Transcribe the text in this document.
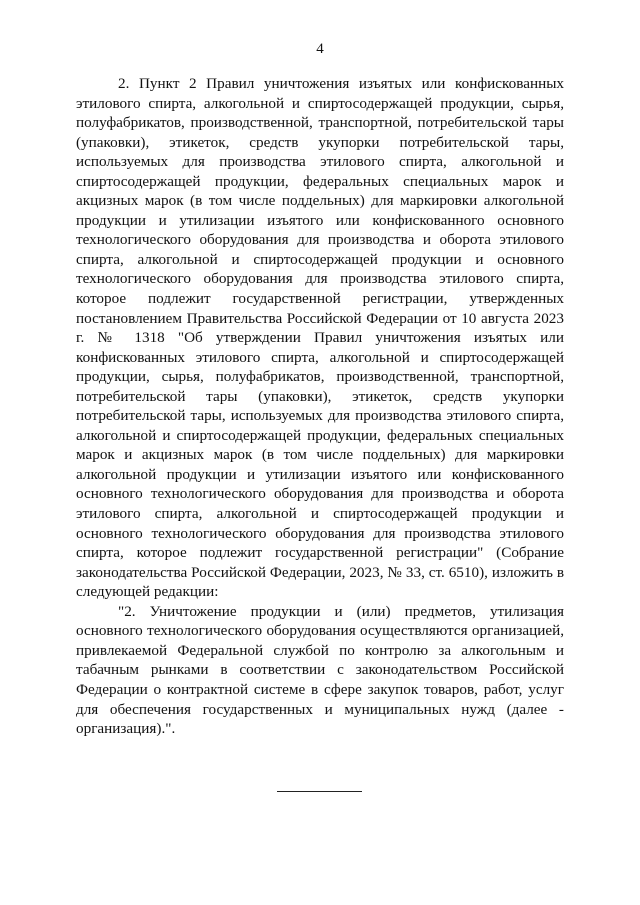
4

2. Пункт 2 Правил уничтожения изъятых или конфискованных этилового спирта, алкогольной и спиртосодержащей продукции, сырья, полуфабрикатов, производственной, транспортной, потребительской тары (упаковки), этикеток, средств укупорки потребительской тары, используемых для производства этилового спирта, алкогольной и спиртосодержащей продукции, федеральных специальных марок и акцизных марок (в том числе поддельных) для маркировки алкогольной продукции и утилизации изъятого или конфискованного основного технологического оборудования для производства и оборота этилового спирта, алкогольной и спиртосодержащей продукции и основного технологического оборудования для производства этилового спирта, которое подлежит государственной регистрации, утвержденных постановлением Правительства Российской Федерации от 10 августа 2023 г. № 1318 "Об утверждении Правил уничтожения изъятых или конфискованных этилового спирта, алкогольной и спиртосодержащей продукции, сырья, полуфабрикатов, производственной, транспортной, потребительской тары (упаковки), этикеток, средств укупорки потребительской тары, используемых для производства этилового спирта, алкогольной и спиртосодержащей продукции, федеральных специальных марок и акцизных марок (в том числе поддельных) для маркировки алкогольной продукции и утилизации изъятого или конфискованного основного технологического оборудования для производства и оборота этилового спирта, алкогольной и спиртосодержащей продукции и основного технологического оборудования для производства этилового спирта, которое подлежит государственной регистрации" (Собрание законодательства Российской Федерации, 2023, № 33, ст. 6510), изложить в следующей редакции:

"2. Уничтожение продукции и (или) предметов, утилизация основного технологического оборудования осуществляются организацией, привлекаемой Федеральной службой по контролю за алкогольным и табачным рынками в соответствии с законодательством Российской Федерации о контрактной системе в сфере закупок товаров, работ, услуг для обеспечения государственных и муниципальных нужд (далее - организация).".
